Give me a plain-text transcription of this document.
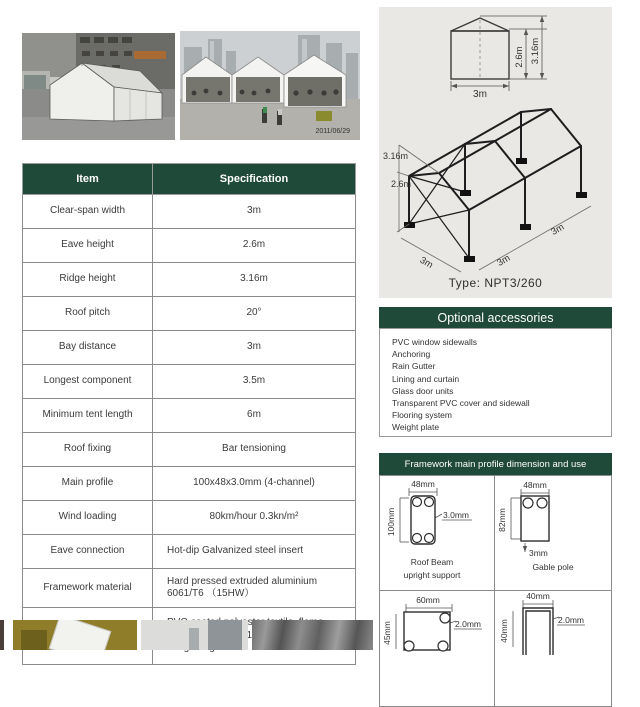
2011/06/29
Item	Specification
Clear-span width	3m
Eave height	2.6m
Ridge height	3.16m
Roof pitch	20°
Bay distance	3m
Longest component	3.5m
Minimum tent length	6m
Roof fixing	Bar tensioning
Main profile	100x48x3.0mm (4-channel)
Wind loading	80km/hour 0.3kn/m²
Eave connection	Hot-dip Galvanized steel insert
Framework material	Hard pressed extruded aluminium 6061/T6 （15HW）

3m
2.6m 3.16m
3.16m
2.6m
3m	3m
3m
Type: NPT3/260
Optional accessories
PVC window sidewalls
Anchoring
Rain Gutter
Lining and curtain
Glass door units
Transparent PVC cover and sidewall
Flooring system
Weight plate
Framework main profile dimension and use
48mm
100mm	3.0mm
Roof Beam
upright support
48mm
82mm
3mm
Gable pole
60mm
45mm	2.0mm
40mm
40mm	2.0mm
